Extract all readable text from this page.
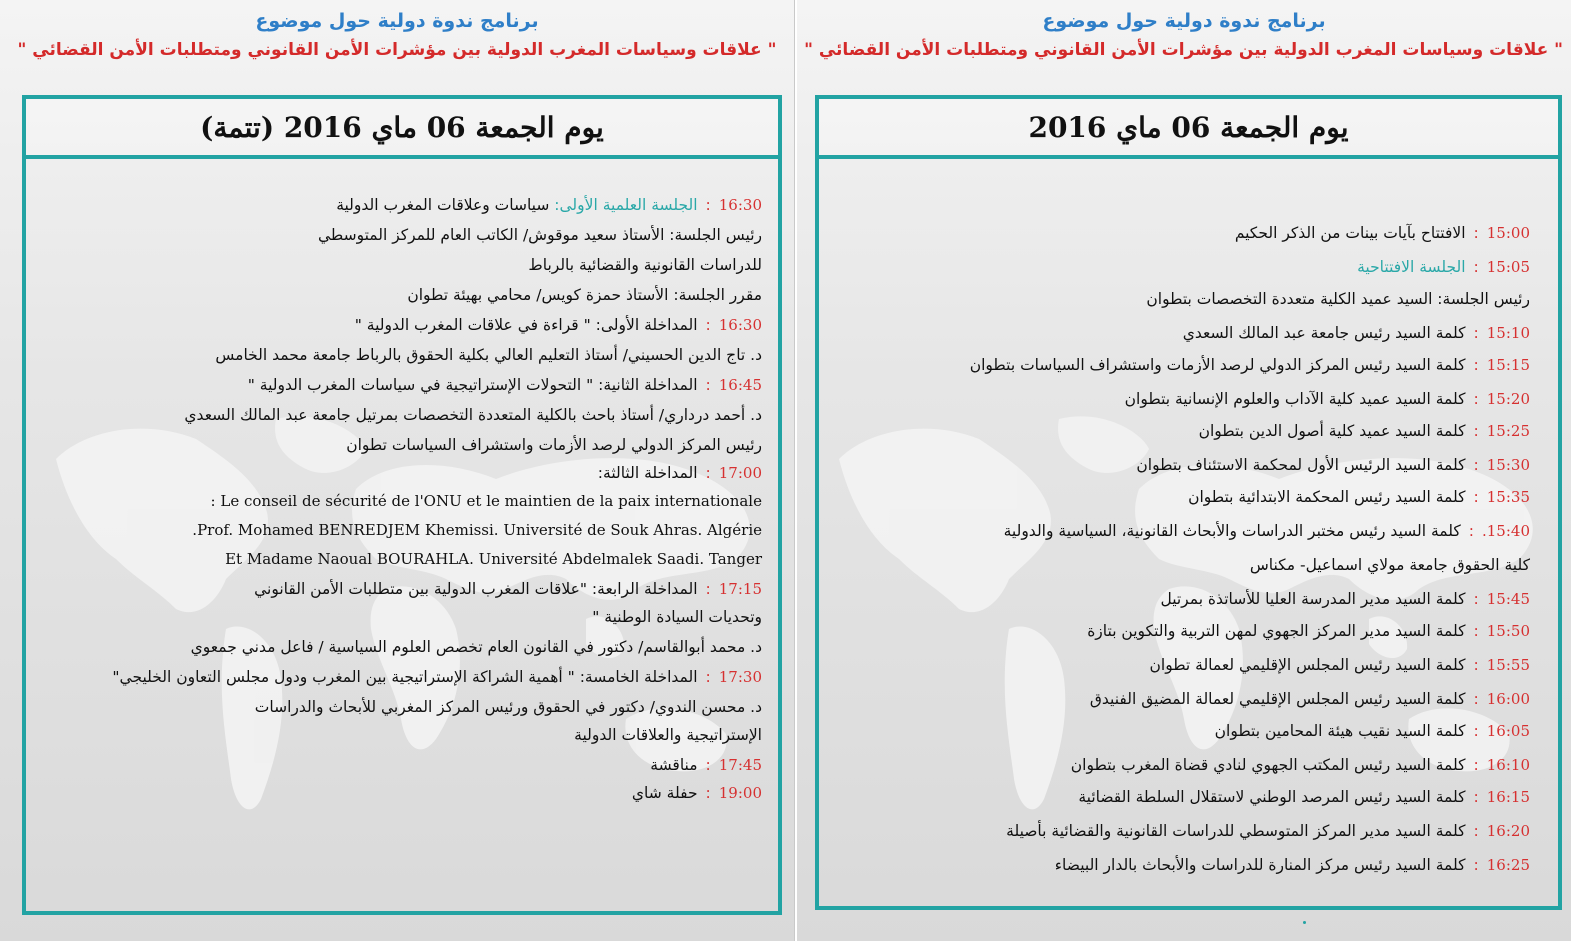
برنامج ندوة دولية حول موضوع
" علاقات وسياسات المغرب الدولية بين مؤشرات الأمن القانوني ومتطلبات الأمن القضائي "
يوم الجمعة 06 ماي 2016 (تتمة)
16:30:الجلسة العلمية الأولى: سياسات وعلاقات المغرب الدولية
رئيس الجلسة: الأستاذ سعيد موقوش/ الكاتب العام للمركز المتوسطي
للدراسات القانونية والقضائية بالرباط
مقرر الجلسة: الأستاذ حمزة كويس/ محامي بهيئة تطوان
16:30:المداخلة الأولى: " قراءة في علاقات المغرب الدولية "
د. تاج الدين الحسيني/ أستاذ التعليم العالي بكلية الحقوق بالرباط جامعة محمد الخامس
16:45:المداخلة الثانية: " التحولات الإستراتيجية في سياسات المغرب الدولية "
د. أحمد درداري/ أستاذ باحث بالكلية المتعددة التخصصات بمرتيل جامعة عبد المالك السعدي
رئيس المركز الدولي لرصد الأزمات واستشراف السياسات تطوان
17:00:المداخلة الثالثة:
Le conseil de sécurité de l'ONU et le maintien de la paix internationale :
Prof. Mohamed BENREDJEM Khemissi. Université de Souk Ahras. Algérie.
Et Madame Naoual BOURAHLA. Université Abdelmalek Saadi. Tanger
17:15:المداخلة الرابعة: "علاقات المغرب الدولية بين متطلبات الأمن القانوني
وتحديات السيادة الوطنية "
د. محمد أبوالقاسم/ دكتور في القانون العام تخصص العلوم السياسية / فاعل مدني جمعوي
17:30:المداخلة الخامسة: " أهمية الشراكة الإستراتيجية بين المغرب ودول مجلس التعاون الخليجي"
د. محسن الندوي/ دكتور في الحقوق ورئيس المركز المغربي للأبحاث والدراسات
الإستراتيجية والعلاقات الدولية
17:45:مناقشة
19:00:حفلة شاي
برنامج ندوة دولية حول موضوع
" علاقات وسياسات المغرب الدولية بين مؤشرات الأمن القانوني ومتطلبات الأمن القضائي "
يوم الجمعة 06 ماي 2016
15:00:الافتتاح بآيات بينات من الذكر الحكيم
15:05:الجلسة الافتتاحية
رئيس الجلسة: السيد عميد الكلية متعددة التخصصات بتطوان
15:10:كلمة السيد رئيس جامعة عبد المالك السعدي
15:15:كلمة السيد رئيس المركز الدولي لرصد الأزمات واستشراف السياسات بتطوان
15:20:كلمة السيد عميد كلية الآداب والعلوم الإنسانية بتطوان
15:25:كلمة السيد عميد كلية أصول الدين بتطوان
15:30:كلمة السيد الرئيس الأول لمحكمة الاستئناف بتطوان
15:35:كلمة السيد رئيس المحكمة الابتدائية بتطوان
15:40.:كلمة السيد رئيس مختبر الدراسات والأبحاث القانونية، السياسية والدولية
كلية الحقوق جامعة مولاي اسماعيل- مكناس
15:45:كلمة السيد مدير المدرسة العليا للأساتذة بمرتيل
15:50:كلمة السيد مدير المركز الجهوي لمهن التربية والتكوين بتازة
15:55:كلمة السيد رئيس المجلس الإقليمي لعمالة تطوان
16:00:كلمة السيد رئيس المجلس الإقليمي لعمالة المضيق الفنيدق
16:05:كلمة السيد نقيب هيئة المحامين بتطوان
16:10:كلمة السيد رئيس المكتب الجهوي لنادي قضاة المغرب بتطوان
16:15:كلمة السيد رئيس المرصد الوطني لاستقلال السلطة القضائية
16:20:كلمة السيد مدير المركز المتوسطي للدراسات القانونية والقضائية بأصيلة
16:25:كلمة السيد رئيس مركز المنارة للدراسات والأبحاث بالدار البيضاء
